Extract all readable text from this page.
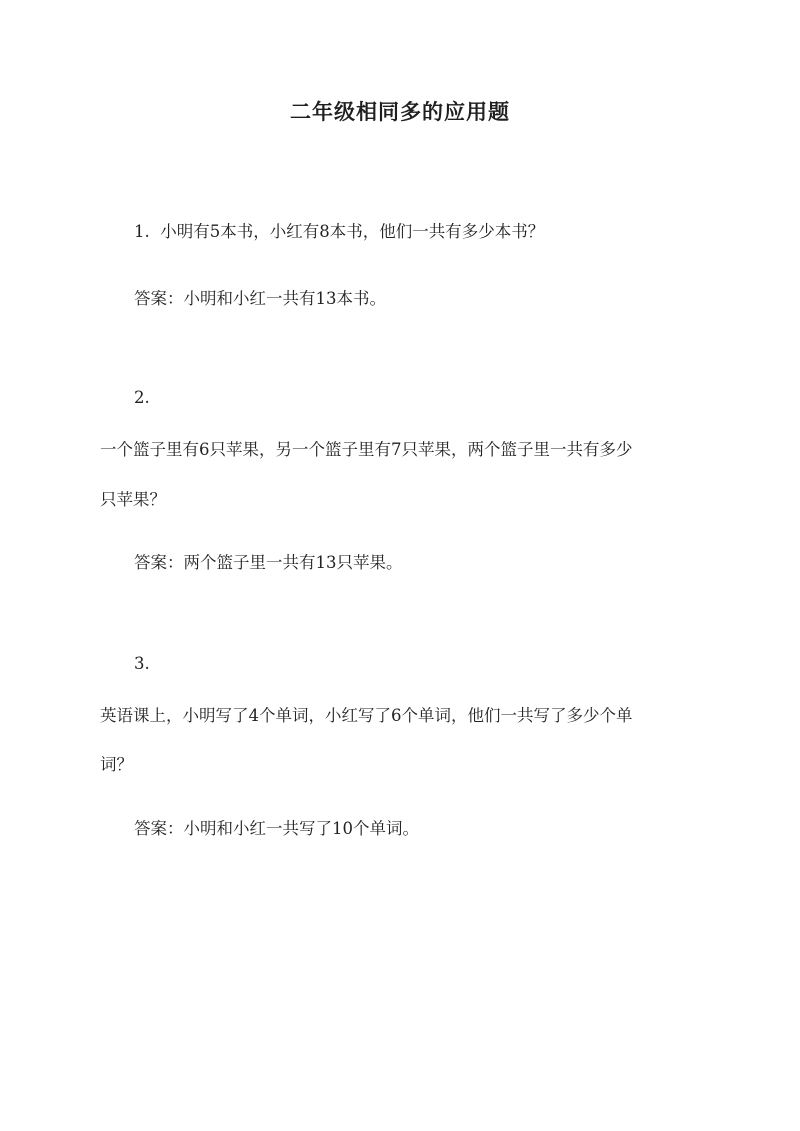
二年级相同多的应用题
1. 小明有5本书，小红有8本书，他们一共有多少本书？
答案：小明和小红一共有13本书。
2.
一个篮子里有6只苹果，另一个篮子里有7只苹果，两个篮子里一共有多少
只苹果？
答案：两个篮子里一共有13只苹果。
3.
英语课上，小明写了4个单词，小红写了6个单词，他们一共写了多少个单
词？
答案：小明和小红一共写了10个单词。
